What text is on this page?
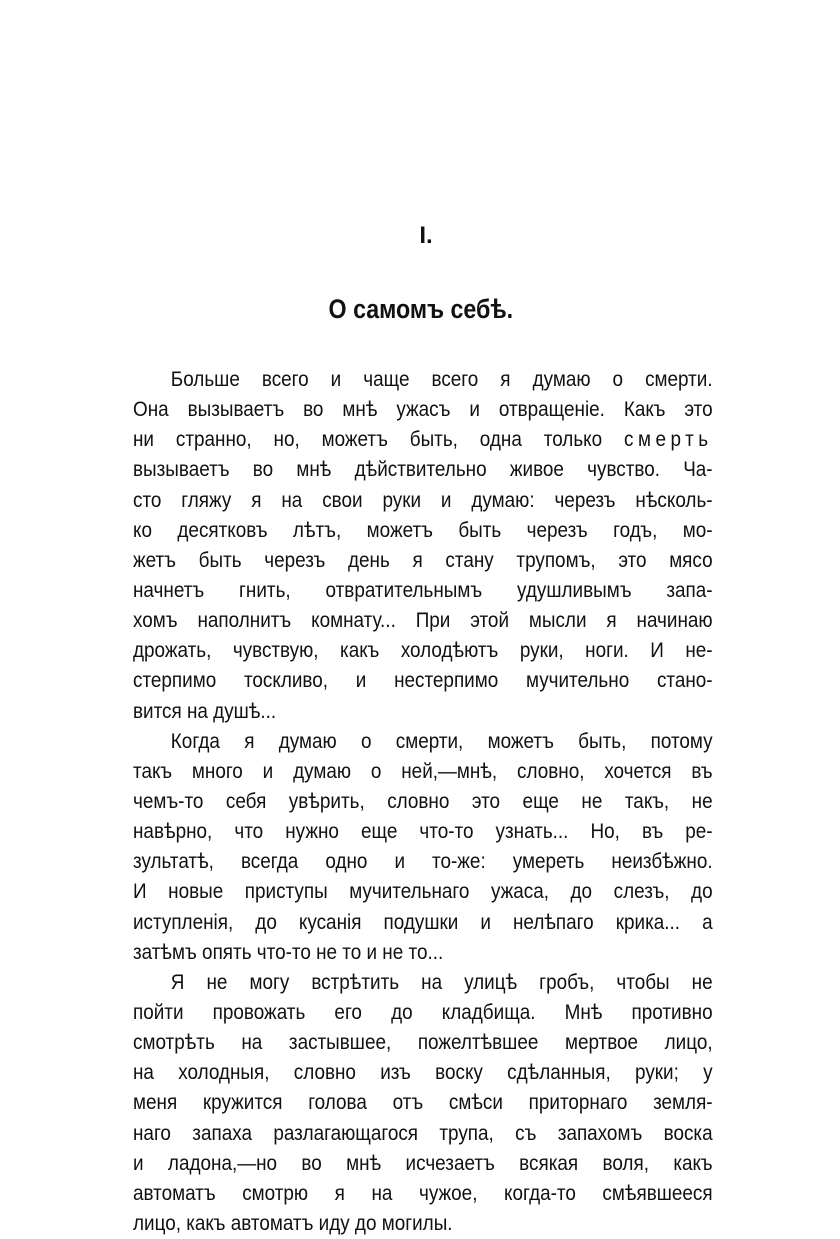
I.
О самомъ себѣ.
Больше всего и чаще всего я думаю о смерти.
Она вызываетъ во мнѣ ужасъ и отвращеніе. Какъ это
ни странно, но, можетъ быть, одна только смерть
вызываетъ во мнѣ дѣйствительно живое чувство. Ча-
сто гляжу я на свои руки и думаю: черезъ нѣсколь-
ко десятковъ лѣтъ, можетъ быть черезъ годъ, мо-
жетъ быть черезъ день я стану трупомъ, это мясо
начнетъ гнить, отвратительнымъ удушливымъ запа-
хомъ наполнитъ комнату... При этой мысли я начинаю
дрожать, чувствую, какъ холодѣютъ руки, ноги. И не-
стерпимо тоскливо, и нестерпимо мучительно стано-
вится на душѣ...
Когда я думаю о смерти, можетъ быть, потому
такъ много и думаю о ней,—мнѣ, словно, хочется въ
чемъ-то себя увѣрить, словно это еще не такъ, не
навѣрно, что нужно еще что-то узнать... Но, въ ре-
зультатѣ, всегда одно и то-же: умереть неизбѣжно.
И новые приступы мучительнаго ужаса, до слезъ, до
иступленія, до кусанія подушки и нелѣпаго крика... а
затѣмъ опять что-то не то и не то...
Я не могу встрѣтить на улицѣ гробъ, чтобы не
пойти провожать его до кладбища. Мнѣ противно
смотрѣть на застывшее, пожелтѣвшее мертвое лицо,
на холодныя, словно изъ воску сдѣланныя, руки; у
меня кружится голова отъ смѣси приторнаго земля-
наго запаха разлагающагося трупа, съ запахомъ воска
и ладона,—но во мнѣ исчезаетъ всякая воля, какъ
автоматъ смотрю я на чужое, когда-то смѣявшееся
лицо, какъ автоматъ иду до могилы.
